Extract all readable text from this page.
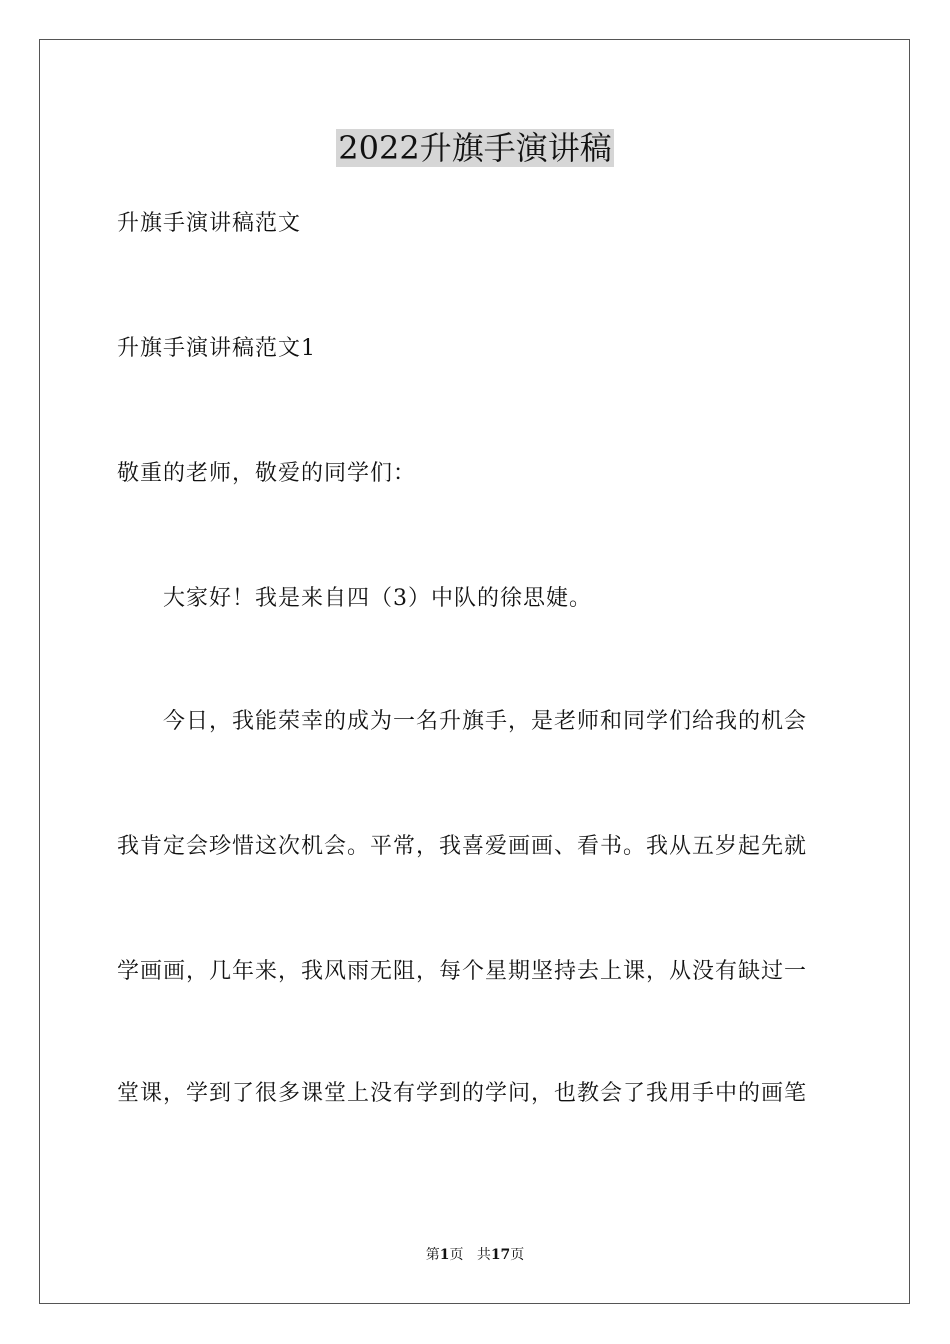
2022升旗手演讲稿
升旗手演讲稿范文
升旗手演讲稿范文1
敬重的老师，敬爱的同学们：
大家好！我是来自四（3）中队的徐思婕。
今日，我能荣幸的成为一名升旗手，是老师和同学们给我的机会
我肯定会珍惜这次机会。平常，我喜爱画画、看书。我从五岁起先就
学画画，几年来，我风雨无阻，每个星期坚持去上课，从没有缺过一
堂课，学到了很多课堂上没有学到的学问，也教会了我用手中的画笔
第1页 共17页
